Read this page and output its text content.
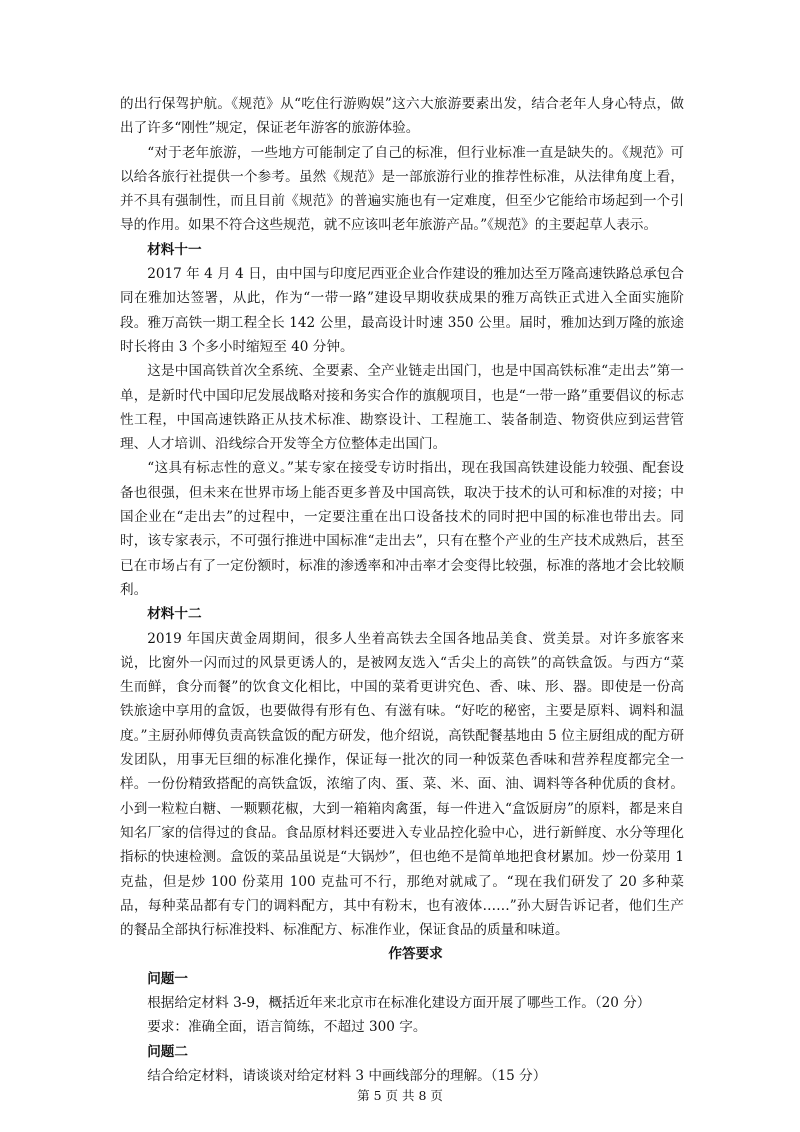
的出行保驾护航。《规范》从“吃住行游购娱”这六大旅游要素出发，结合老年人身心特点，做出了许多“刚性”规定，保证老年游客的旅游体验。

“对于老年旅游，一些地方可能制定了自己的标准，但行业标准一直是缺失的。《规范》可以给各旅行社提供一个参考。虽然《规范》是一部旅游行业的推荐性标准，从法律角度上看，并不具有强制性，而且目前《规范》的普遍实施也有一定难度，但至少它能给市场起到一个引导的作用。如果不符合这些规范，就不应该叫老年旅游产品。”《规范》的主要起草人表示。

材料十一

2017 年 4 月 4 日，由中国与印度尼西亚企业合作建设的雅加达至万隆高速铁路总承包合同在雅加达签署，从此，作为“一带一路”建设早期收获成果的雅万高铁正式进入全面实施阶段。雅万高铁一期工程全长 142 公里，最高设计时速 350 公里。届时，雅加达到万隆的旅途时长将由 3 个多小时缩短至 40 分钟。

这是中国高铁首次全系统、全要素、全产业链走出国门，也是中国高铁标准“走出去”第一单，是新时代中国印尼发展战略对接和务实合作的旗舰项目，也是“一带一路”重要倡议的标志性工程，中国高速铁路正从技术标准、勘察设计、工程施工、装备制造、物资供应到运营管理、人才培训、沿线综合开发等全方位整体走出国门。

“这具有标志性的意义。”某专家在接受专访时指出，现在我国高铁建设能力较强、配套设备也很强，但未来在世界市场上能否更多普及中国高铁，取决于技术的认可和标准的对接；中国企业在“走出去”的过程中，一定要注重在出口设备技术的同时把中国的标准也带出去。同时，该专家表示，不可强行推进中国标准“走出去”，只有在整个产业的生产技术成熟后，甚至已在市场占有了一定份额时，标准的渗透率和冲击率才会变得比较强，标准的落地才会比较顺利。

材料十二

2019 年国庆黄金周期间，很多人坐着高铁去全国各地品美食、赏美景。对许多旅客来说，比窗外一闪而过的风景更诱人的，是被网友选入“舌尖上的高铁”的高铁盒饭。与西方“菜生而鲜，食分而餐”的饮食文化相比，中国的菜肴更讲究色、香、味、形、器。即使是一份高铁旅途中享用的盒饭，也要做得有形有色、有滋有味。“好吃的秘密，主要是原料、调料和温度。”主厨孙师傅负责高铁盒饭的配方研发，他介绍说，高铁配餐基地由 5 位主厨组成的配方研发团队，用事无巨细的标准化操作，保证每一批次的同一种饭菜色香味和营养程度都完全一样。一份份精致搭配的高铁盒饭，浓缩了肉、蛋、菜、米、面、油、调料等各种优质的食材。小到一粒粒白糖、一颗颗花椒，大到一箱箱肉禽蛋，每一件进入“盒饭厨房”的原料，都是来自知名厂家的信得过的食品。食品原材料还要进入专业品控化验中心，进行新鲜度、水分等理化指标的快速检测。盒饭的菜品虽说是“大锅炒”，但也绝不是简单地把食材累加。炒一份菜用 1 克盐，但是炒 100 份菜用 100 克盐可不行，那绝对就咸了。“现在我们研发了 20 多种菜品，每种菜品都有专门的调料配方，其中有粉末，也有液体……”孙大厨告诉记者，他们生产的餐品全部执行标准投料、标准配方、标准作业，保证食品的质量和味道。

作答要求

问题一

根据给定材料 3-9，概括近年来北京市在标准化建设方面开展了哪些工作。（20 分）

要求：准确全面，语言简练，不超过 300 字。

问题二

结合给定材料，请谈谈对给定材料 3 中画线部分的理解。（15 分）

第 5 页 共 8 页
